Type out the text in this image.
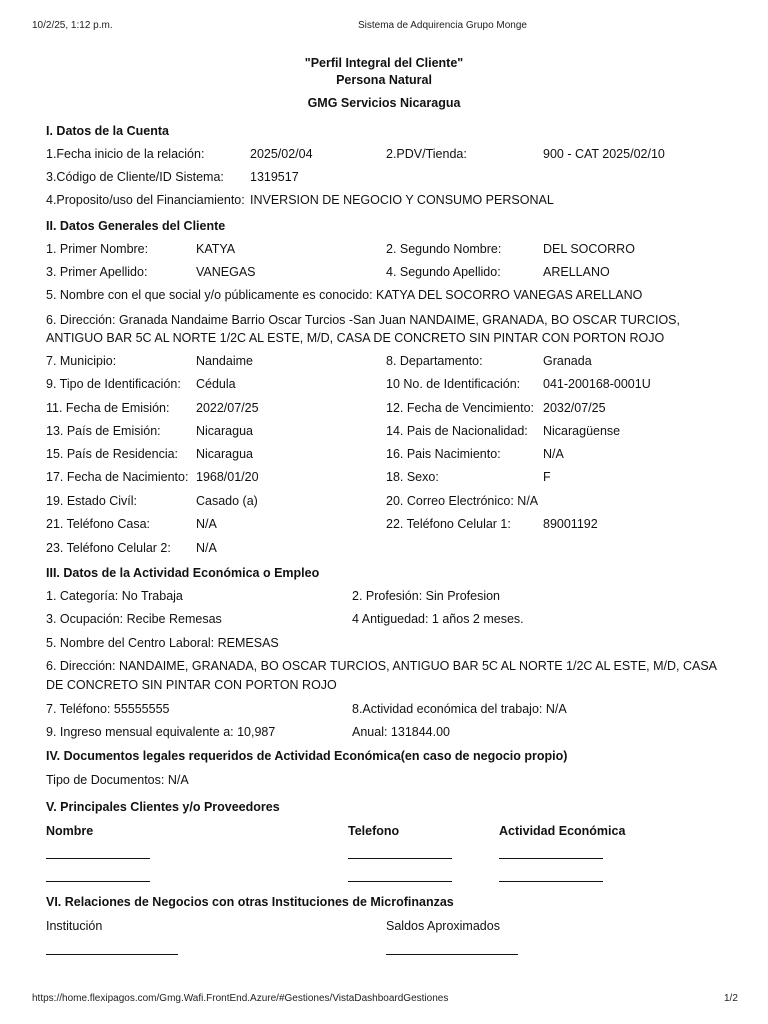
10/2/25, 1:12 p.m.	Sistema de Adquirencia Grupo Monge
"Perfil Integral del Cliente"
Persona Natural
GMG Servicios Nicaragua
I. Datos de la Cuenta
1.Fecha inicio de la relación:	2025/02/04	2.PDV/Tienda:	900 - CAT 2025/02/10
3.Código de Cliente/ID Sistema: 1319517
4.Proposito/uso del Financiamiento: INVERSION DE NEGOCIO Y CONSUMO PERSONAL
II. Datos Generales del Cliente
1. Primer Nombre:	KATYA	2. Segundo Nombre:	DEL SOCORRO
3. Primer Apellido:	VANEGAS	4. Segundo Apellido:	ARELLANO
5. Nombre con el que social y/o públicamente es conocido: KATYA DEL SOCORRO VANEGAS ARELLANO
6. Dirección: Granada Nandaime Barrio Oscar Turcios -San Juan NANDAIME, GRANADA, BO OSCAR TURCIOS, ANTIGUO BAR 5C AL NORTE 1/2C AL ESTE, M/D, CASA DE CONCRETO SIN PINTAR CON PORTON ROJO
7. Municipio:	Nandaime	8. Departamento:	Granada
9. Tipo de Identificación: Cédula	10 No. de Identificación: 041-200168-0001U
11. Fecha de Emisión: 2022/07/25	12. Fecha de Vencimiento: 2032/07/25
13. País de Emisión:	Nicaragua	14. Pais de Nacionalidad: Nicaragüense
15. País de Residencia: Nicaragua	16. Pais Nacimiento:	N/A
17. Fecha de Nacimiento: 1968/01/20	18. Sexo:	F
19. Estado Civíl:	Casado (a)	20. Correo Electrónico: N/A
21. Teléfono Casa:	N/A	22. Teléfono Celular 1:	89001192
23. Teléfono Celular 2: N/A
III. Datos de la Actividad Económica o Empleo
1. Categoría: No Trabaja	2. Profesión: Sin Profesion
3. Ocupación: Recibe Remesas	4 Antiguedad: 1 años 2 meses.
5. Nombre del Centro Laboral: REMESAS
6. Dirección: NANDAIME, GRANADA, BO OSCAR TURCIOS, ANTIGUO BAR 5C AL NORTE 1/2C AL ESTE, M/D, CASA DE CONCRETO SIN PINTAR CON PORTON ROJO
7. Teléfono: 55555555	8.Actividad económica del trabajo: N/A
9. Ingreso mensual equivalente a: 10,987	Anual: 131844.00
IV. Documentos legales requeridos de Actividad Económica(en caso de negocio propio)
Tipo de Documentos: N/A
V. Principales Clientes y/o Proveedores
Nombre	Telefono	Actividad Económica
VI. Relaciones de Negocios con otras Instituciones de Microfinanzas
Institución	Saldos Aproximados
https://home.flexipagos.com/Gmg.Wafi.FrontEnd.Azure/#Gestiones/VistaDashboardGestiones	1/2
